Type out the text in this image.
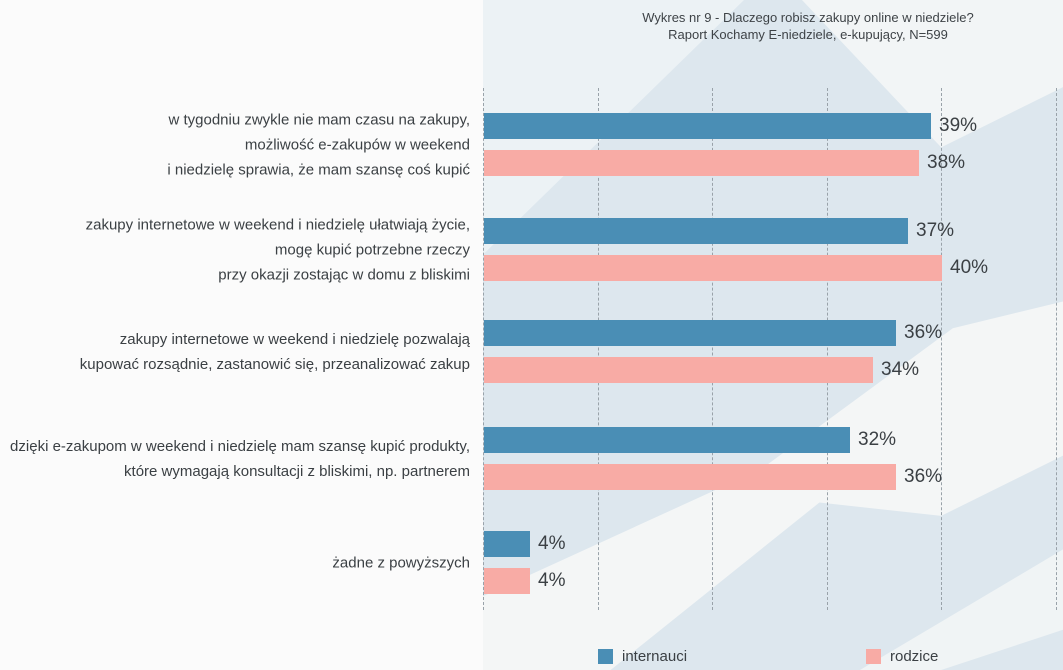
Wykres nr 9 - Dlaczego robisz zakupy online w niedziele?
Raport Kochamy E-niedziele, e-kupujący, N=599
w tygodniu zwykle nie mam czasu na zakupy,
możliwość e-zakupów w weekend
i niedzielę sprawia, że mam szansę coś kupić
39%
38%
zakupy internetowe w weekend i niedzielę ułatwiają życie,
mogę kupić potrzebne rzeczy
przy okazji zostając w domu z bliskimi
37%
40%
zakupy internetowe w weekend i niedzielę pozwalają
kupować rozsądnie, zastanowić się, przeanalizować zakup
36%
34%
dzięki e-zakupom w weekend i niedzielę mam szansę kupić produkty,
które wymagają konsultacji z bliskimi, np. partnerem
32%
36%
żadne z powyższych
4%
4%
internauci	rodzice
